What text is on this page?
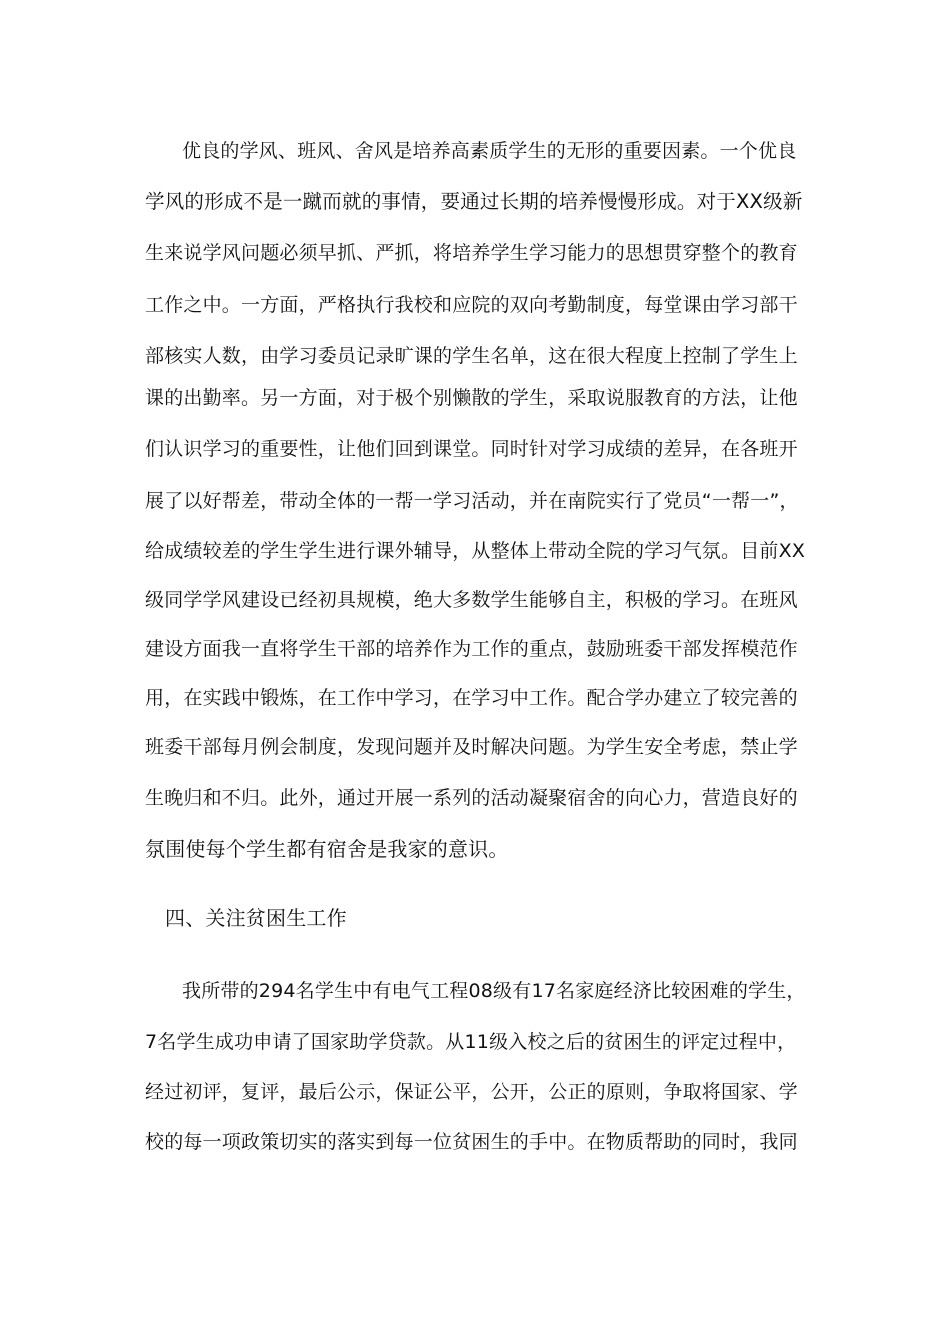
优良的学风、班风、舍风是培养高素质学生的无形的重要因素。一个优良
学风的形成不是一蹴而就的事情，要通过长期的培养慢慢形成。对于XX级新
生来说学风问题必须早抓、严抓，将培养学生学习能力的思想贯穿整个的教育
工作之中。一方面，严格执行我校和应院的双向考勤制度，每堂课由学习部干
部核实人数，由学习委员记录旷课的学生名单，这在很大程度上控制了学生上
课的出勤率。另一方面，对于极个别懒散的学生，采取说服教育的方法，让他
们认识学习的重要性，让他们回到课堂。同时针对学习成绩的差异，在各班开
展了以好帮差，带动全体的一帮一学习活动，并在南院实行了党员“一帮一”，
给成绩较差的学生学生进行课外辅导，从整体上带动全院的学习气氛。目前XX
级同学学风建设已经初具规模，绝大多数学生能够自主，积极的学习。在班风
建设方面我一直将学生干部的培养作为工作的重点，鼓励班委干部发挥模范作
用，在实践中锻炼，在工作中学习，在学习中工作。配合学办建立了较完善的
班委干部每月例会制度，发现问题并及时解决问题。为学生安全考虑，禁止学
生晚归和不归。此外，通过开展一系列的活动凝聚宿舍的向心力，营造良好的
氛围使每个学生都有宿舍是我家的意识。
四、关注贫困生工作
我所带的294名学生中有电气工程08级有17名家庭经济比较困难的学生，
7名学生成功申请了国家助学贷款。从11级入校之后的贫困生的评定过程中，
经过初评，复评，最后公示，保证公平，公开，公正的原则，争取将国家、学
校的每一项政策切实的落实到每一位贫困生的手中。在物质帮助的同时，我同
